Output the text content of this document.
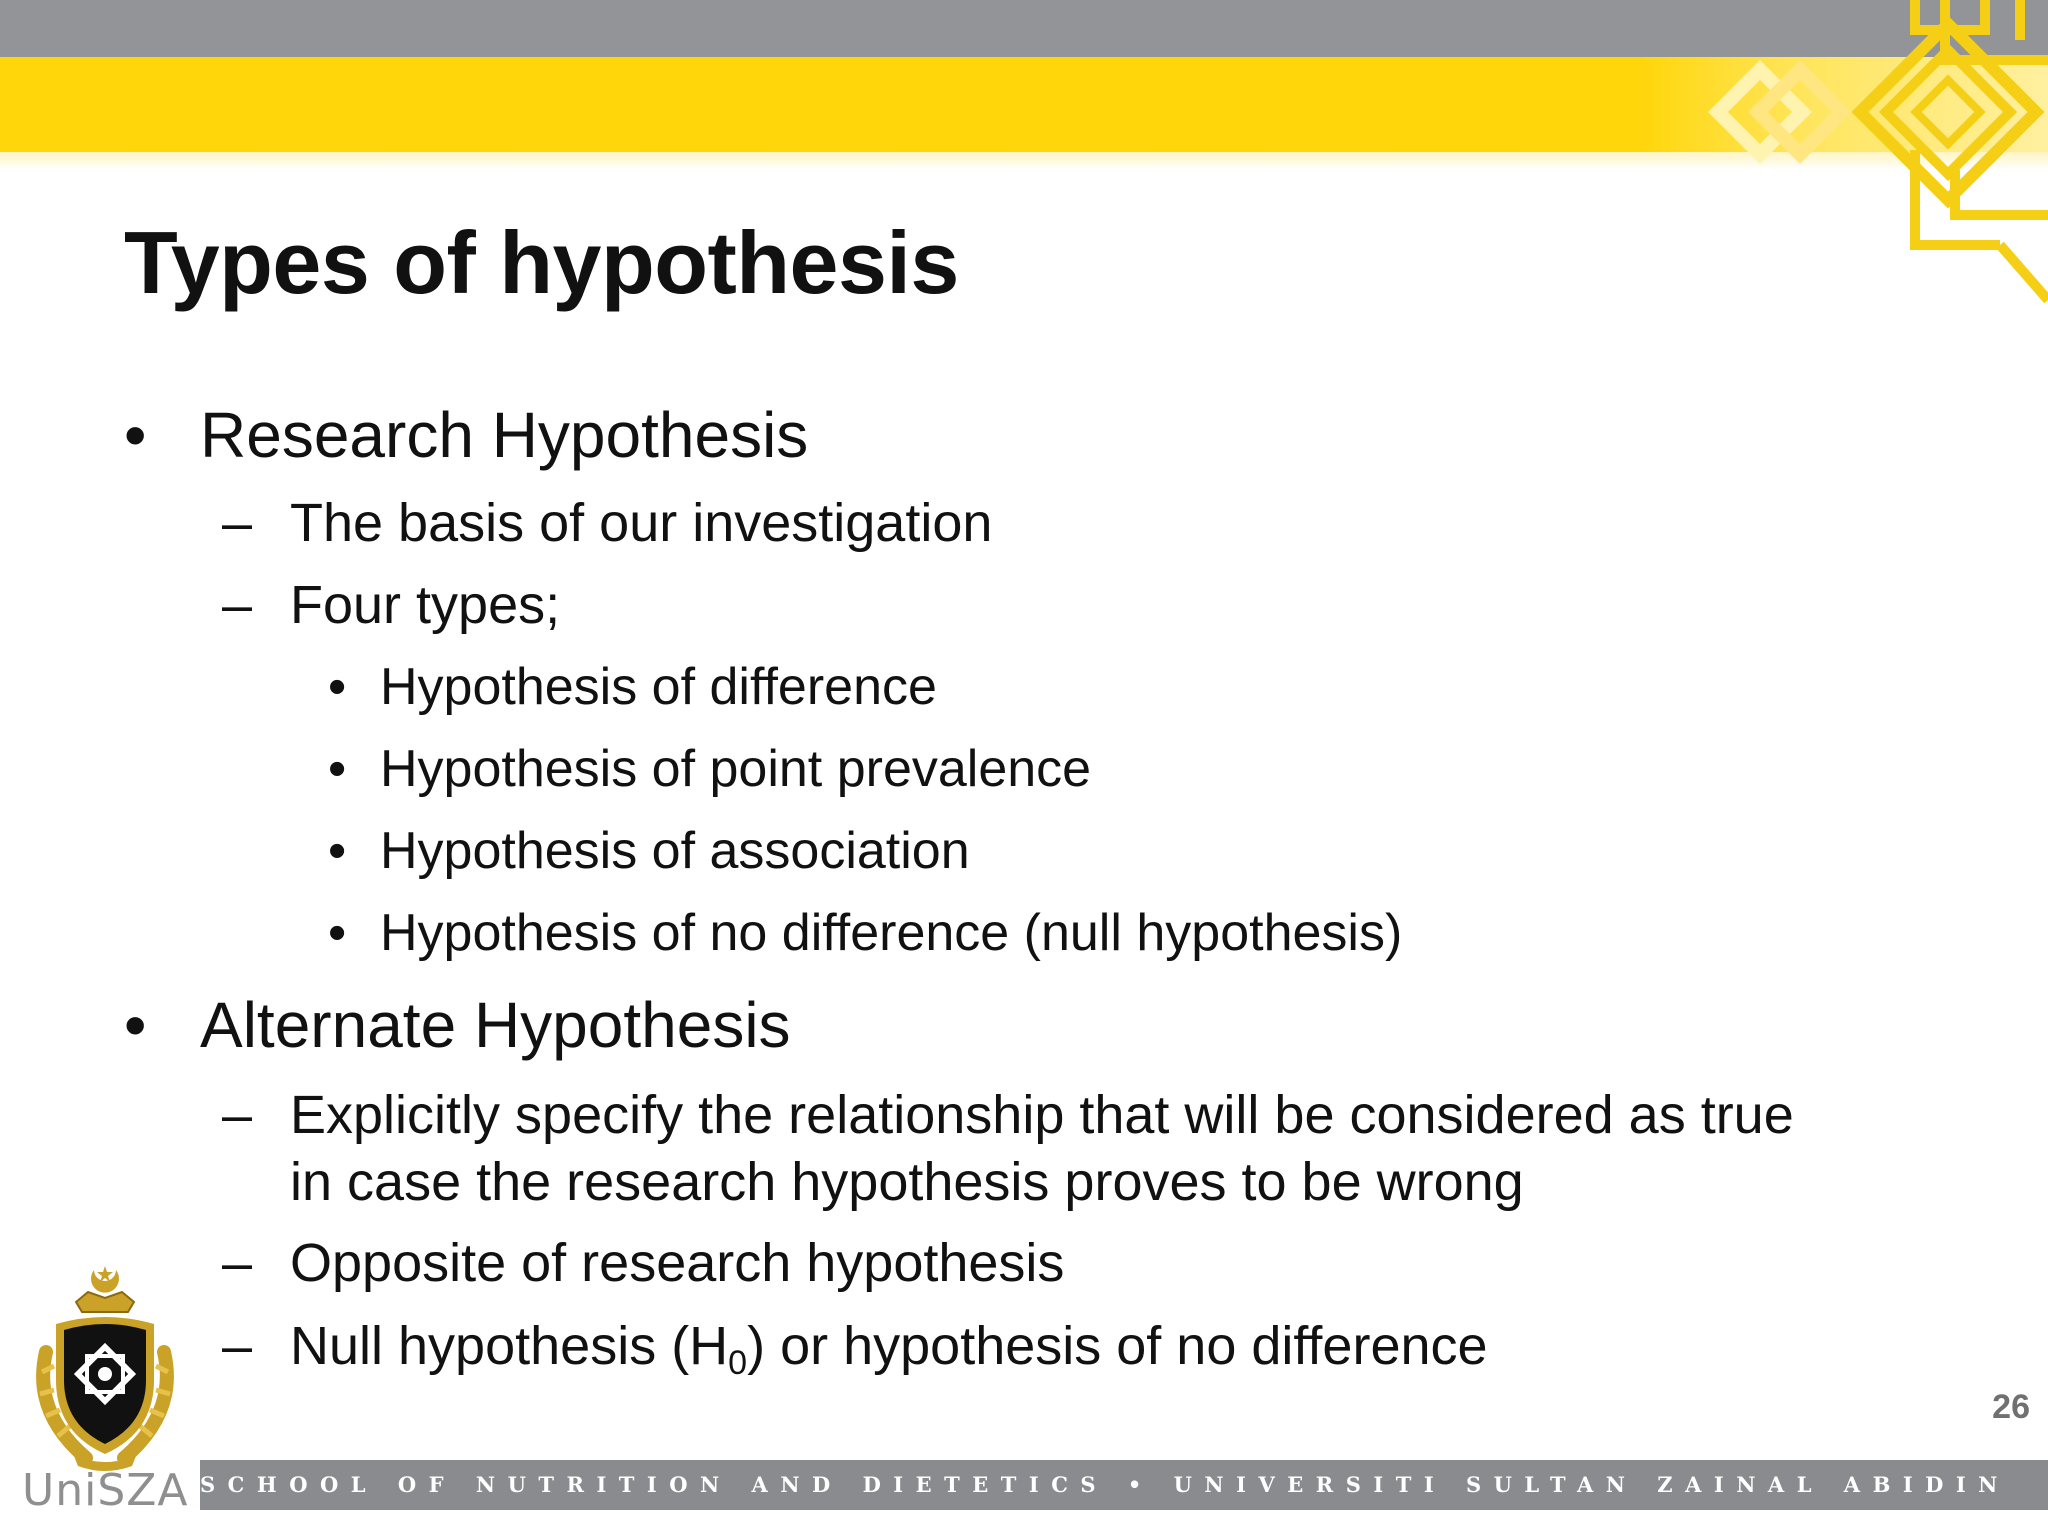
Types of hypothesis
• Research Hypothesis
– The basis of our investigation
– Four types;
• Hypothesis of difference
• Hypothesis of point prevalence
• Hypothesis of association
• Hypothesis of no difference (null hypothesis)
• Alternate Hypothesis
– Explicitly specify the relationship that will be considered as true
in case the research hypothesis proves to be wrong
– Opposite of research hypothesis
– Null hypothesis $(H_0)$ or hypothesis of no difference
26
SCHOOL OF NUTRITION AND DIETETICS • UNIVERSITI SULTAN ZAINAL ABIDIN
UniSZA
